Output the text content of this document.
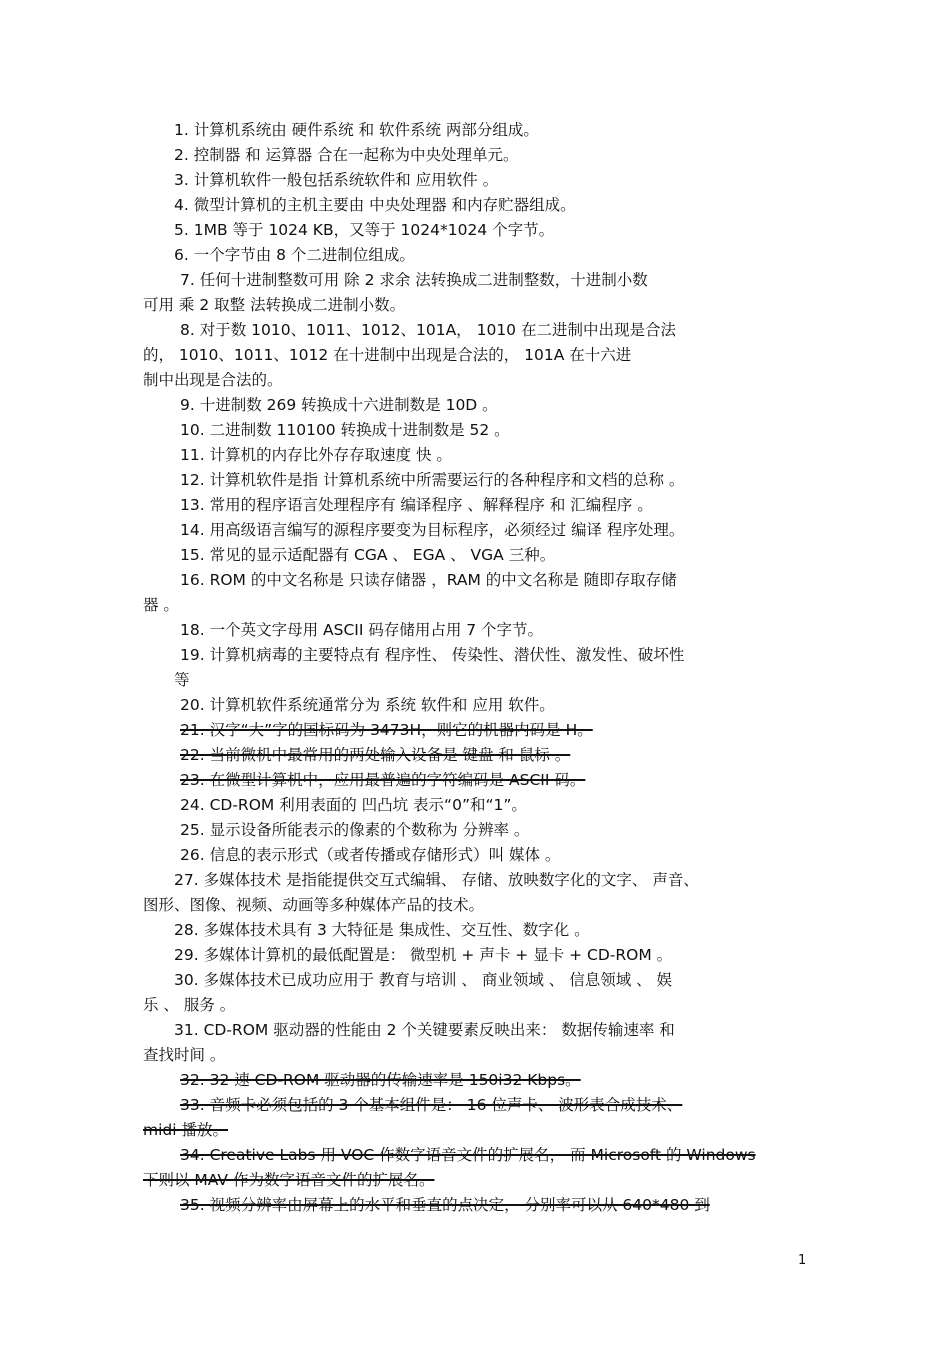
1. 计算机系统由 硬件系统 和 软件系统 两部分组成。
2. 控制器 和 运算器 合在一起称为中央处理单元。
3. 计算机软件一般包括系统软件和 应用软件 。
4. 微型计算机的主机主要由 中央处理器 和内存贮器组成。
5. 1MB 等于 1024 KB，又等于 1024*1024 个字节。
6. 一个字节由 8 个二进制位组成。
7. 任何十进制整数可用 除 2 求余 法转换成二进制整数，十进制小数
可用 乘 2 取整 法转换成二进制小数。
8. 对于数 1010、1011、1012、101A， 1010 在二进制中出现是合法
的， 1010、1011、1012 在十进制中出现是合法的， 101A 在十六进
制中出现是合法的。
9. 十进制数 269 转换成十六进制数是 10D 。
10. 二进制数 110100 转换成十进制数是 52 。
11. 计算机的内存比外存存取速度 快 。
12. 计算机软件是指 计算机系统中所需要运行的各种程序和文档的总称 。
13. 常用的程序语言处理程序有 编译程序 、解释程序 和 汇编程序 。
14. 用高级语言编写的源程序要变为目标程序，必须经过 编译 程序处理。
15. 常见的显示适配器有 CGA 、 EGA 、 VGA 三种。
16. ROM 的中文名称是 只读存储器 ，RAM 的中文名称是 随即存取存储
器 。
18. 一个英文字母用 ASCII 码存储用占用 7 个字节。
19. 计算机病毒的主要特点有 程序性、 传染性、潜伏性、激发性、破坏性
等
20. 计算机软件系统通常分为 系统 软件和 应用 软件。
21. 汉字“大”字的国标码为 3473H，则它的机器内码是 H。
22. 当前微机中最常用的两处输入设备是 键盘 和 鼠标 。
23. 在微型计算机中，应用最普遍的字符编码是 ASCII 码。
24. CD-ROM 利用表面的 凹凸坑 表示“0”和“1”。
25. 显示设备所能表示的像素的个数称为 分辨率 。
26. 信息的表示形式（或者传播或存储形式）叫 媒体 。
27. 多媒体技术 是指能提供交互式编辑、 存储、放映数字化的文字、 声音、
图形、图像、视频、动画等多种媒体产品的技术。
28. 多媒体技术具有 3 大特征是 集成性、交互性、数字化 。
29. 多媒体计算机的最低配置是： 微型机 + 声卡 + 显卡 + CD-ROM 。
30. 多媒体技术已成功应用于 教育与培训 、 商业领域 、 信息领域 、 娱
乐 、 服务 。
31. CD-ROM 驱动器的性能由 2 个关键要素反映出来： 数据传输速率 和
查找时间 。
32. 32 速 CD-ROM 驱动器的传输速率是 150i32 Kbps。
33. 音频卡必须包括的 3 个基本组件是： 16 位声卡、 波形表合成技术、
midi 播放。
34. Creative Labs 用 VOC 作数字语音文件的扩展名， 而 Microsoft 的 Windows
下则以 MAV 作为数字语音文件的扩展名。
35. 视频分辨率由屏幕上的水平和垂直的点决定， 分别率可以从 640*480 到
1
